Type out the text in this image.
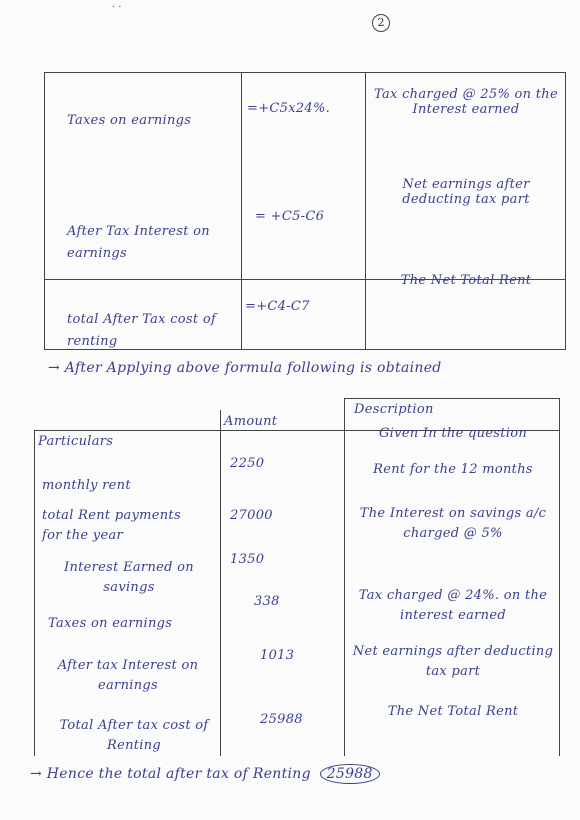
· ·
2
Taxes on earnings
=+C5x24%.
Tax charged @ 25% on the Interest earned
After Tax Interest on earnings
= +C5-C6
Net earnings after deducting tax part
total After Tax cost of renting
=+C4-C7
The Net Total Rent
→ After Applying above formula following is obtained
Particulars
Amount
Description
monthly rent
2250
Given In the question
total Rent payments for the year
27000
Rent for the 12 months
Interest Earned on savings
1350
The Interest on savings a/c charged @ 5%
Taxes on earnings
338	Tax charged @ 24%. on the interest earned
After tax Interest on earnings
1013	Net earnings after deducting tax part
Total After tax cost of Renting
25988
The Net Total Rent
→ Hence the total after tax of Renting 25988
